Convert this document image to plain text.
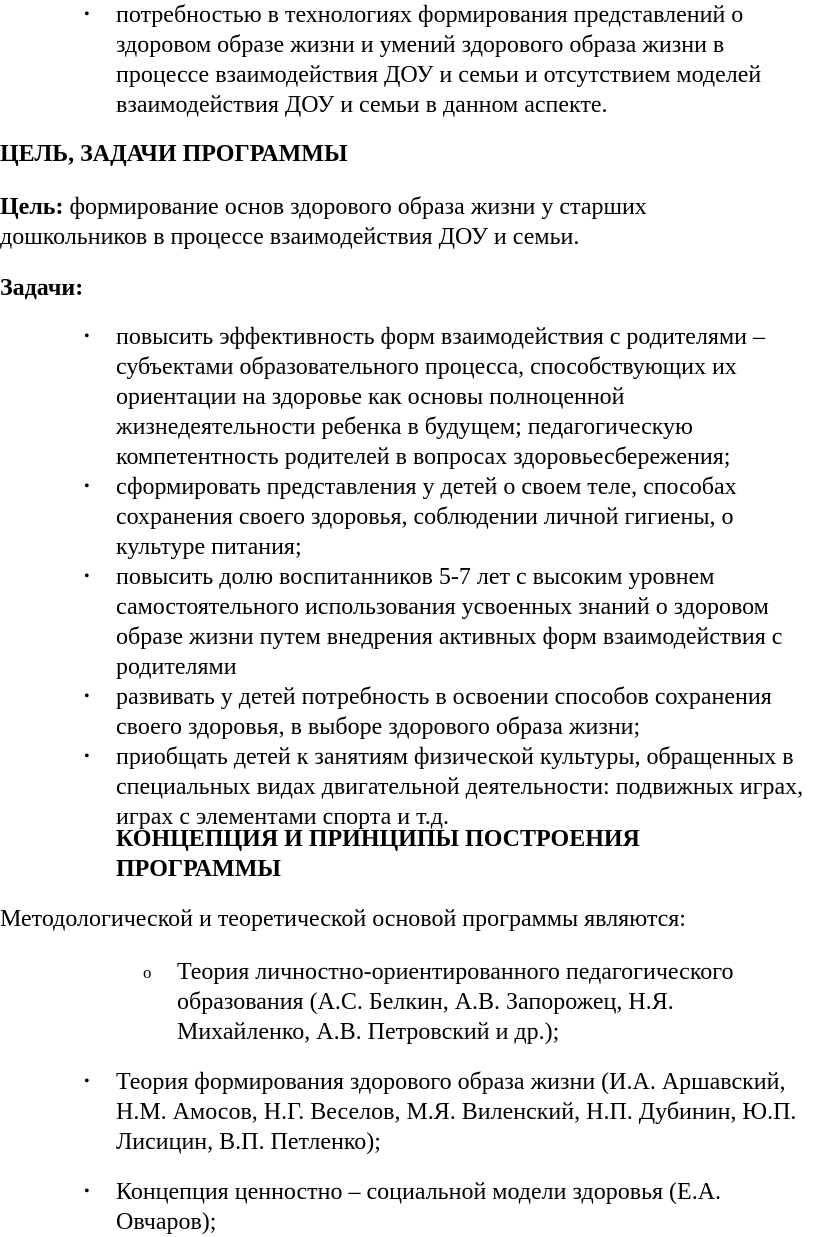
• потребностью в технологиях формирования представлений о здоровом образе жизни и умений здорового образа жизни в процессе взаимодействия ДОУ и семьи и отсутствием моделей взаимодействия ДОУ и семьи в данном аспекте.

ЦЕЛЬ, ЗАДАЧИ ПРОГРАММЫ

Цель: формирование основ здорового образа жизни у старших дошкольников в процессе взаимодействия ДОУ и семьи.

Задачи:

• повысить эффективность форм взаимодействия с родителями – субъектами образовательного процесса, способствующих их ориентации на здоровье как основы полноценной жизнедеятельности ребенка в будущем; педагогическую компетентность родителей в вопросах здоровьесбережения;
• сформировать представления у детей о своем теле, способах сохранения своего здоровья, соблюдении личной гигиены, о культуре питания;
• повысить долю воспитанников 5-7 лет с высоким уровнем самостоятельного использования усвоенных знаний о здоровом образе жизни путем внедрения активных форм взаимодействия с родителями
• развивать у детей потребность в освоении способов сохранения своего здоровья, в выборе здорового образа жизни;
• приобщать детей к занятиям физической культуры, обращенных в специальных видах двигательной деятельности: подвижных играх, играх с элементами спорта и т.д.

КОНЦЕПЦИЯ И ПРИНЦИПЫ ПОСТРОЕНИЯ ПРОГРАММЫ

Методологической и теоретической основой программы являются:

o Теория личностно-ориентированного педагогического образования (А.С. Белкин, А.В. Запорожец, Н.Я. Михайленко, А.В. Петровский и др.);
• Теория формирования здорового образа жизни (И.А. Аршавский, Н.М. Амосов, Н.Г. Веселов, М.Я. Виленский, Н.П. Дубинин, Ю.П. Лисицин, В.П. Петленко);
• Концепция ценностно – социальной модели здоровья (Е.А. Овчаров);
